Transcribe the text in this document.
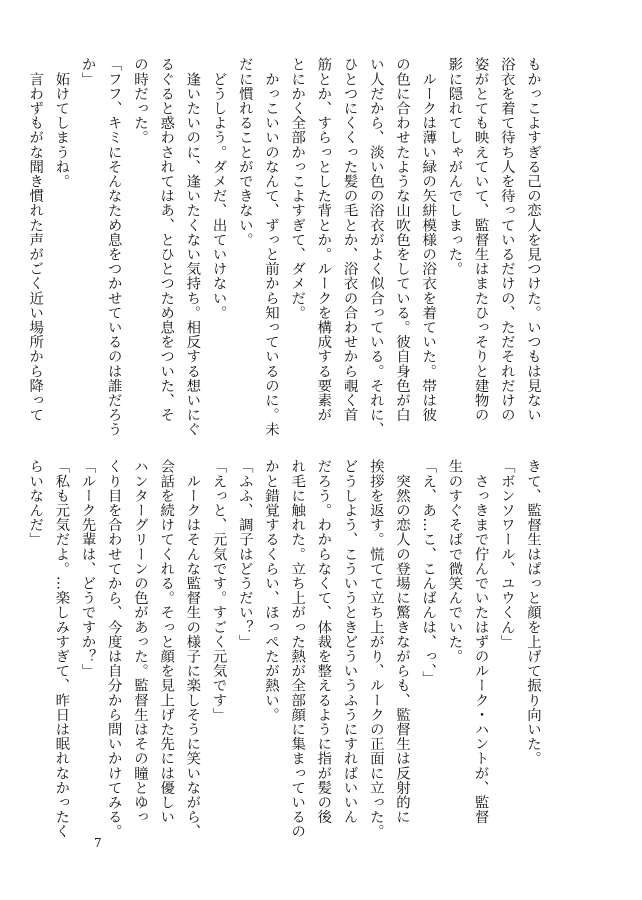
もかっこよすぎる己の恋人を見つけた。いつもは見ない
浴衣を着て待ち人を待っているだけの、ただそれだけの
姿がとても映えていて、監督生はまたひっそりと建物の
影に隠れてしゃがんでしまった。
　ルークは薄い緑の矢絣模様の浴衣を着ていた。帯は彼
の色に合わせたような山吹色をしている。彼自身色が白
い人だから、淡い色の浴衣がよく似合っている。それに、
ひとつにくくった髪の毛とか、浴衣の合わせから覗く首
筋とか、すらっとした背とか。ルークを構成する要素が
とにかく全部かっこよすぎて、ダメだ。
　かっこいいのなんて、ずっと前から知っているのに。未
だに慣れることができない。
　どうしよう。ダメだ、出ていけない。
　逢いたいのに、逢いたくない気持ち。相反する想いにぐ
るぐると惑わされてはあ、とひとつため息をついた、そ
の時だった。
「フフ、キミにそんなため息をつかせているのは誰だろう
か」
　妬けてしまうね。
　言わずもがな聞き慣れた声がごく近い場所から降って
きて、監督生はぱっと顔を上げて振り向いた。
「ボンソワール、ユウくん」
　さっきまで佇んでいたはずのルーク・ハントが、監督
生のすぐそばで微笑んでいた。
「え、あ…こ、こんばんは、っ、」
　突然の恋人の登場に驚きながらも、監督生は反射的に
挨拶を返す。慌てて立ち上がり、ルークの正面に立った。
どうしよう、こういうときどういうふうにすればいいん
だろう。わからなくて、体裁を整えるように指が髪の後
れ毛に触れた。立ち上がった熱が全部顔に集まっているの
かと錯覚するくらい、ほっぺたが熱い。
「ふふ、調子はどうだい？」
「えっと、元気です。すごく元気です」
　ルークはそんな監督生の様子に楽しそうに笑いながら、
会話を続けてくれる。そっと顔を見上げた先には優しい
ハンターグリーンの色があった。監督生はその瞳とゆっ
くり目を合わせてから、今度は自分から問いかけてみる。
「ルーク先輩は、どうですか？」
「私も元気だよ。…楽しみすぎて、昨日は眠れなかったく
らいなんだ」
7
